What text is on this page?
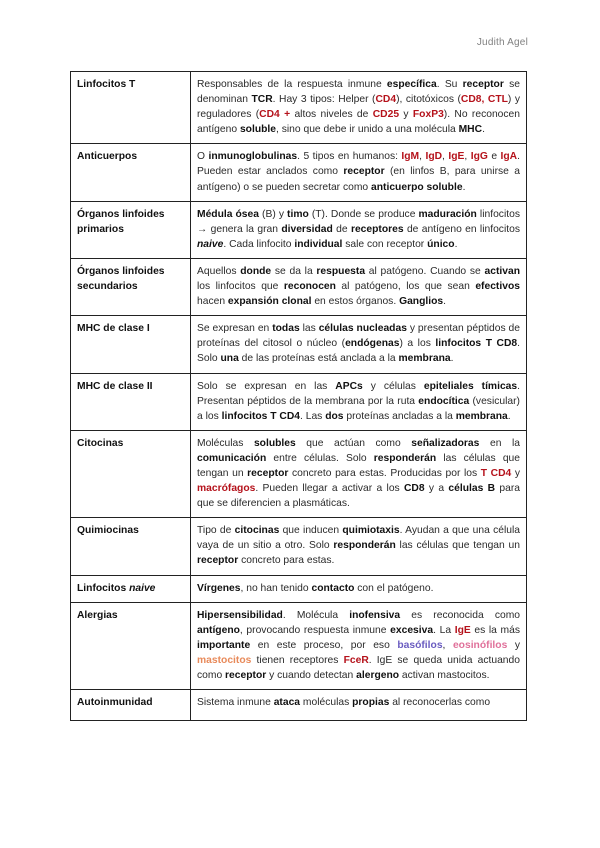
Judith Agel
Linfocitos T	Responsables de la respuesta inmune específica. Su receptor se denominan TCR. Hay 3 tipos: Helper (CD4), citotóxicos (CD8, CTL) y reguladores (CD4 + altos niveles de CD25 y FoxP3). No reconocen antígeno soluble, sino que debe ir unido a una molécula MHC.
Anticuerpos	O inmunoglobulinas. 5 tipos en humanos: IgM, IgD, IgE, IgG e IgA. Pueden estar anclados como receptor (en linfos B, para unirse a antígeno) o se pueden secretar como anticuerpo soluble.
Órganos linfoides primarios	Médula ósea (B) y timo (T). Donde se produce maduración linfocitos → genera la gran diversidad de receptores de antígeno en linfocitos naive. Cada linfocito individual sale con receptor único.
Órganos linfoides secundarios	Aquellos donde se da la respuesta al patógeno. Cuando se activan los linfocitos que reconocen al patógeno, los que sean efectivos hacen expansión clonal en estos órganos. Ganglios.
MHC de clase I	Se expresan en todas las células nucleadas y presentan péptidos de proteínas del citosol o núcleo (endógenas) a los linfocitos T CD8. Solo una de las proteínas está anclada a la membrana.
MHC de clase II	Solo se expresan en las APCs y células epiteliales tímicas. Presentan péptidos de la membrana por la ruta endocítica (vesicular) a los linfocitos T CD4. Las dos proteínas ancladas a la membrana.
Citocinas	Moléculas solubles que actúan como señalizadoras en la comunicación entre células. Solo responderán las células que tengan un receptor concreto para estas. Producidas por los T CD4 y macrófagos. Pueden llegar a activar a los CD8 y a células B para que se diferencien a plasmáticas.
Quimiocinas	Tipo de citocinas que inducen quimiotaxis. Ayudan a que una célula vaya de un sitio a otro. Solo responderán las células que tengan un receptor concreto para estas.
Linfocitos naive	Vírgenes, no han tenido contacto con el patógeno.
Alergias	Hipersensibilidad. Molécula inofensiva es reconocida como antígeno, provocando respuesta inmune excesiva. La IgE es la más importante en este proceso, por eso basófilos, eosinófilos y mastocitos tienen receptores FceR. IgE se queda unida actuando como receptor y cuando detectan alergeno activan mastocitos.
Autoinmunidad	Sistema inmune ataca moléculas propias al reconocerlas como
